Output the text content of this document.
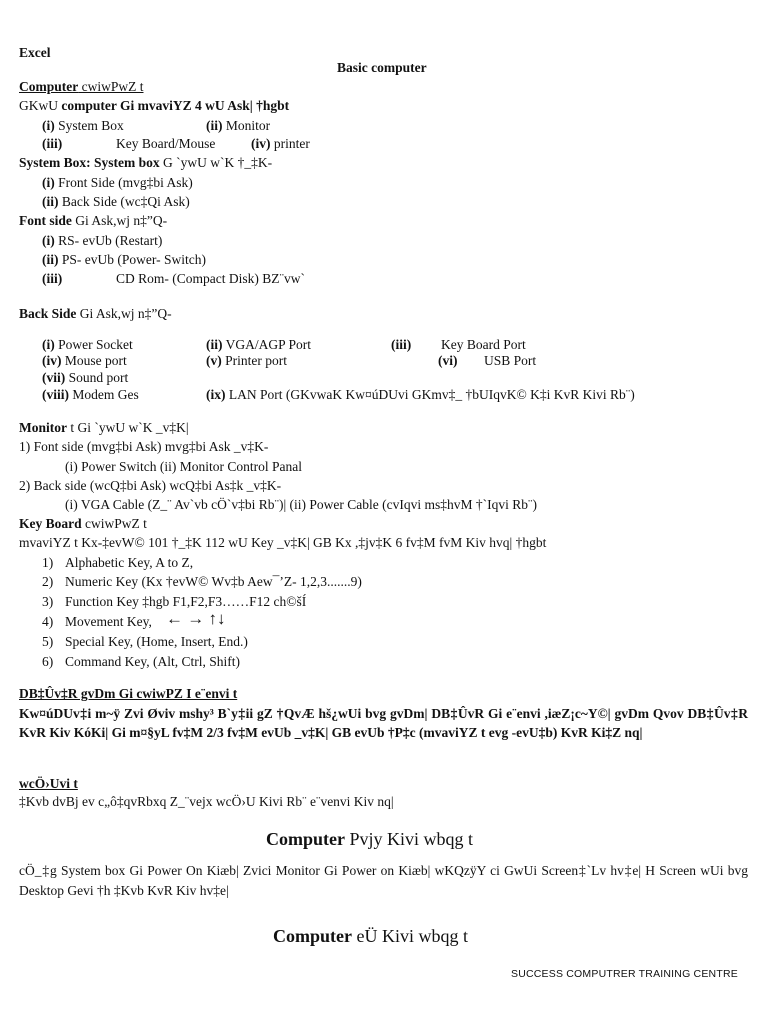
Excel
Basic computer
Computer cwiwPwZ t
GKwU computer Gi mvaviYZ 4 wU Ask| †hgbt
(i) System Box	(ii) Monitor
(iii)	Key Board/Mouse	(iv) printer
System Box: System box G `ywU w`K †_‡K-
(i) Front Side (mvg‡bi Ask)
(ii) Back Side (wc‡Qi Ask)
Font side Gi Ask,wj n‡”Q-
(i) RS- evUb (Restart)
(ii) PS- evUb (Power- Switch)
(iii)	CD Rom- (Compact Disk) BZ¨vw`
Back Side Gi Ask,wj n‡”Q-
(i) Power Socket	(ii) VGA/AGP Port	(iii) Key Board Port
(iv) Mouse port	(v) Printer port	(vi) USB Port
(vii) Sound port
(viii) Modem Ges	(ix) LAN Port (GKvwaK Kw¤úDUvi GKmv‡_ †bUIqvK© K‡i KvR Kivi Rb¨)
Monitor t Gi `ywU w`K _v‡K|
1) Font side (mvg‡bi Ask) mvg‡bi Ask _v‡K-
(i) Power Switch (ii) Monitor Control Panal
2) Back side (wcQ‡bi Ask) wcQ‡bi As‡k _v‡K-
(i) VGA Cable (Z_¨ Av`vb cÖ`v‡bi Rb¨)| (ii) Power Cable (cvIqvi ms‡hvM †`Iqvi Rb¨)
Key Board cwiwPwZ t
mvaviYZ t Kx-‡evW© 101 †_‡K 112 wU Key _v‡K| GB Kx ,‡jv‡K 6 fv‡M fvM Kiv hvq| †hgbt
1) Alphabetic Key, A to Z,
2) Numeric Key (Kx †evW© Wv‡b Aew¯’Z- 1,2,3.......9)
3) Function Key ‡hgb F1,F2,F3……F12 ch©šÍ
4) Movement Key, ← → ↑↓
5) Special Key, (Home, Insert, End.)
6) Command Key, (Alt, Ctrl, Shift)
DB‡Ûv‡R gvDm Gi cwiwPZ I e¨envi t
Kw¤úDUv‡i m~ÿ Zvi Øviv mshy³ B`y‡ii gZ †QvÆ hš¿wUi bvg gvDm| DB‡ÛvR Gi e¨envi ,iæZ¡c~Y©| gvDm Qvov DB‡Ûv‡R KvR Kiv KóKi| Gi m¤§yL fv‡M 2/3 fv‡M evUb _v‡K| GB evUb †P‡c (mvaviYZ t evg -evU‡b) KvR Ki‡Z nq|
wcÖ›Uvi t
‡Kvb dvBj ev c„ô‡qvRbxq Z_¨vejx wcÖ›U Kivi Rb¨ e¨venvi Kiv nq|
Computer Pvjy Kivi wbqg t
cÖ_‡g System box Gi Power On Kiæb| Zvici Monitor Gi Power on Kiæb| wKQzÿY ci GwUi Screen‡`Lv hv‡e| H Screen wUi bvg Desktop Gevi †h ‡Kvb KvR Kiv hv‡e|
Computer eÜ Kivi wbqg t
SUCCESS COMPUTRER TRAINING CENTRE
